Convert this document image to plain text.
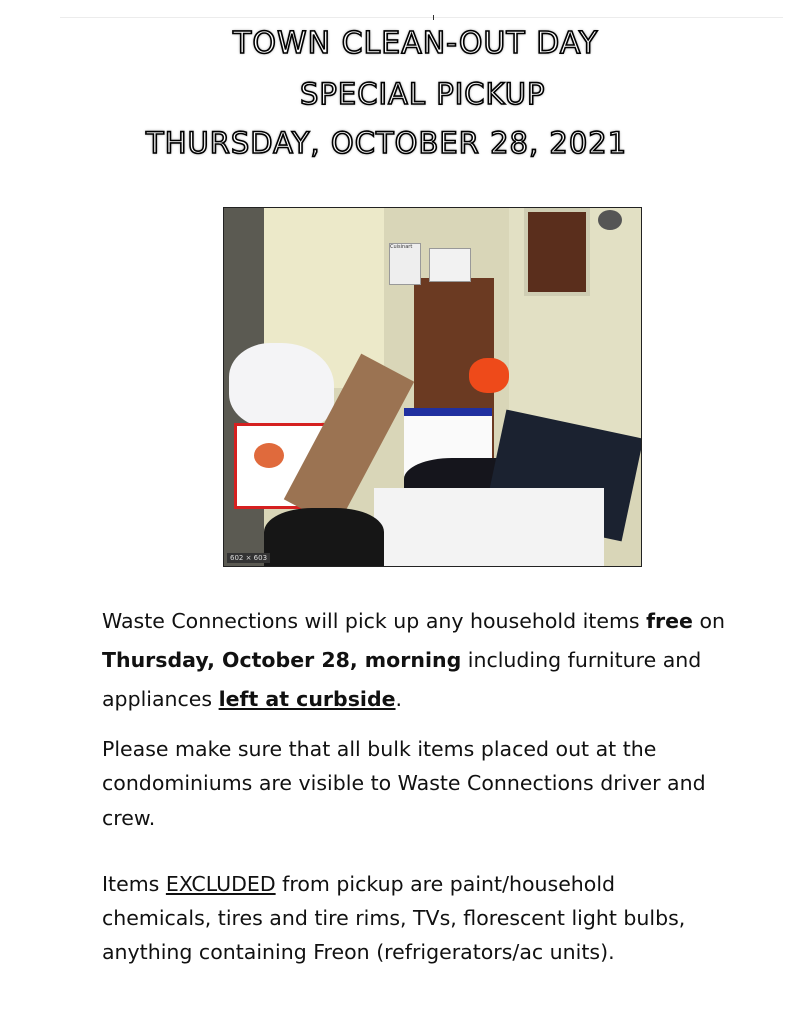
TOWN CLEAN-OUT DAY
SPECIAL PICKUP
THURSDAY, OCTOBER 28, 2021
Cuisinart
602 × 603
Waste Connections will pick up any household items free on
Thursday, October 28, morning including furniture and
appliances left at curbside.
Please make sure that all bulk items placed out at the
condominiums are visible to Waste Connections driver and
crew.
Items EXCLUDED from pickup are paint/household
chemicals, tires and tire rims, TVs, florescent light bulbs,
anything containing Freon (refrigerators/ac units).
